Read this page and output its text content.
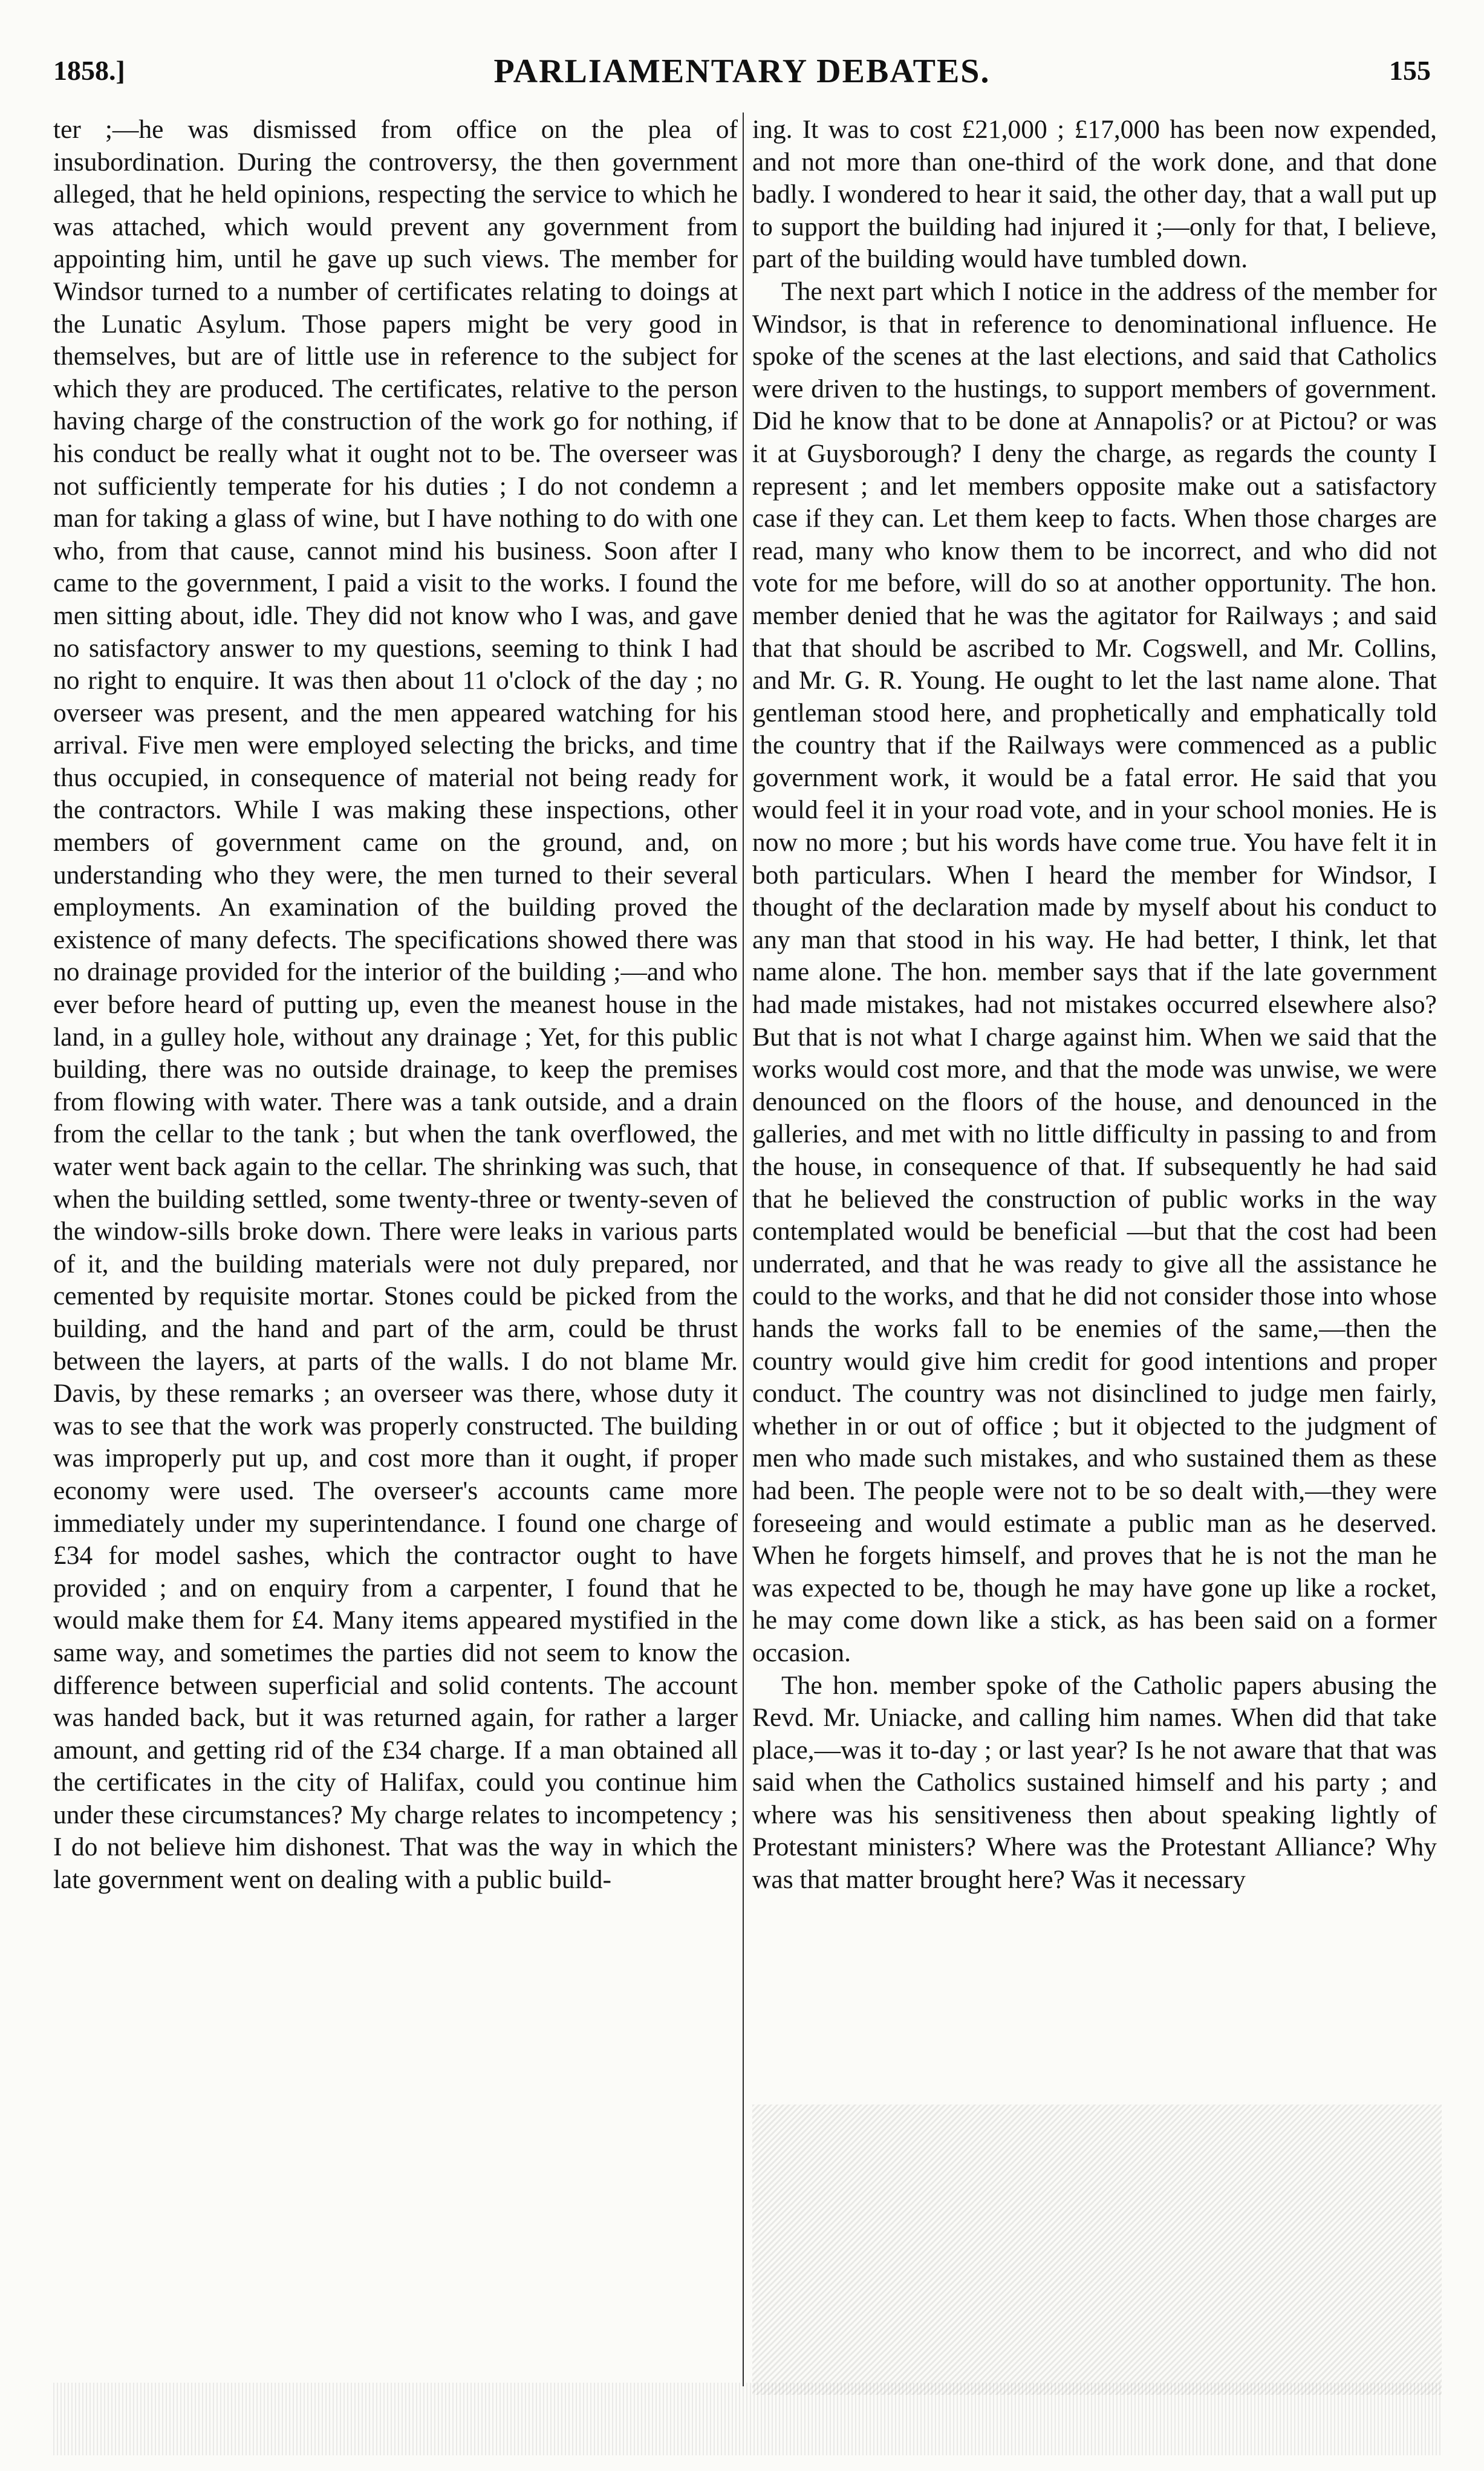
1858.]	PARLIAMENTARY DEBATES.	155

ter ;—he was dismissed from office on the plea of insubordination. During the controversy, the then government alleged, that he held opinions, respecting the service to which he was attached, which would prevent any government from appointing him, until he gave up such views. The member for Windsor turned to a number of certificates relating to doings at the Lunatic Asylum. Those papers might be very good in themselves, but are of little use in reference to the subject for which they are produced. The certificates, relative to the person having charge of the construction of the work go for nothing, if his conduct be really what it ought not to be. The overseer was not sufficiently temperate for his duties ; I do not condemn a man for taking a glass of wine, but I have nothing to do with one who, from that cause, cannot mind his business. Soon after I came to the government, I paid a visit to the works. I found the men sitting about, idle. They did not know who I was, and gave no satisfactory answer to my questions, seeming to think I had no right to enquire. It was then about 11 o'clock of the day ; no overseer was present, and the men appeared watching for his arrival. Five men were employed selecting the bricks, and time thus occupied, in consequence of material not being ready for the contractors. While I was making these inspections, other members of government came on the ground, and, on understanding who they were, the men turned to their several employments. An examination of the building proved the existence of many defects. The specifications showed there was no drainage provided for the interior of the building ;—and who ever before heard of putting up, even the meanest house in the land, in a gulley hole, without any drainage ; Yet, for this public building, there was no outside drainage, to keep the premises from flowing with water. There was a tank outside, and a drain from the cellar to the tank ; but when the tank overflowed, the water went back again to the cellar. The shrinking was such, that when the building settled, some twenty-three or twenty-seven of the window-sills broke down. There were leaks in various parts of it, and the building materials were not duly prepared, nor cemented by requisite mortar. Stones could be picked from the building, and the hand and part of the arm, could be thrust between the layers, at parts of the walls. I do not blame Mr. Davis, by these remarks ; an overseer was there, whose duty it was to see that the work was properly constructed. The building was improperly put up, and cost more than it ought, if proper economy were used. The overseer's accounts came more immediately under my superintendance. I found one charge of £34 for model sashes, which the contractor ought to have provided ; and on enquiry from a carpenter, I found that he would make them for £4. Many items appeared mystified in the same way, and sometimes the parties did not seem to know the difference between superficial and solid contents. The account was handed back, but it was returned again, for rather a larger amount, and getting rid of the £34 charge. If a man obtained all the certificates in the city of Halifax, could you continue him under these circumstances? My charge relates to incompetency ; I do not believe him dishonest. That was the way in which the late government went on dealing with a public build-

ing. It was to cost £21,000 ; £17,000 has been now expended, and not more than one-third of the work done, and that done badly. I wondered to hear it said, the other day, that a wall put up to support the building had injured it ;—only for that, I believe, part of the building would have tumbled down.

The next part which I notice in the address of the member for Windsor, is that in reference to denominational influence. He spoke of the scenes at the last elections, and said that Catholics were driven to the hustings, to support members of government. Did he know that to be done at Annapolis? or at Pictou? or was it at Guysborough? I deny the charge, as regards the county I represent ; and let members opposite make out a satisfactory case if they can. Let them keep to facts. When those charges are read, many who know them to be incorrect, and who did not vote for me before, will do so at another opportunity. The hon. member denied that he was the agitator for Railways ; and said that that should be ascribed to Mr. Cogswell, and Mr. Collins, and Mr. G. R. Young. He ought to let the last name alone. That gentleman stood here, and prophetically and emphatically told the country that if the Railways were commenced as a public government work, it would be a fatal error. He said that you would feel it in your road vote, and in your school monies. He is now no more ; but his words have come true. You have felt it in both particulars. When I heard the member for Windsor, I thought of the declaration made by myself about his conduct to any man that stood in his way. He had better, I think, let that name alone. The hon. member says that if the late government had made mistakes, had not mistakes occurred elsewhere also? But that is not what I charge against him. When we said that the works would cost more, and that the mode was unwise, we were denounced on the floors of the house, and denounced in the galleries, and met with no little difficulty in passing to and from the house, in consequence of that. If subsequently he had said that he believed the construction of public works in the way contemplated would be beneficial —but that the cost had been underrated, and that he was ready to give all the assistance he could to the works, and that he did not consider those into whose hands the works fall to be enemies of the same,—then the country would give him credit for good intentions and proper conduct. The country was not disinclined to judge men fairly, whether in or out of office ; but it objected to the judgment of men who made such mistakes, and who sustained them as these had been. The people were not to be so dealt with,—they were foreseeing and would estimate a public man as he deserved. When he forgets himself, and proves that he is not the man he was expected to be, though he may have gone up like a rocket, he may come down like a stick, as has been said on a former occasion.

The hon. member spoke of the Catholic papers abusing the Revd. Mr. Uniacke, and calling him names. When did that take place,—was it to-day ; or last year? Is he not aware that that was said when the Catholics sustained himself and his party ; and where was his sensitiveness then about speaking lightly of Protestant ministers? Where was the Protestant Alliance? Why was that matter brought here? Was it necessary
